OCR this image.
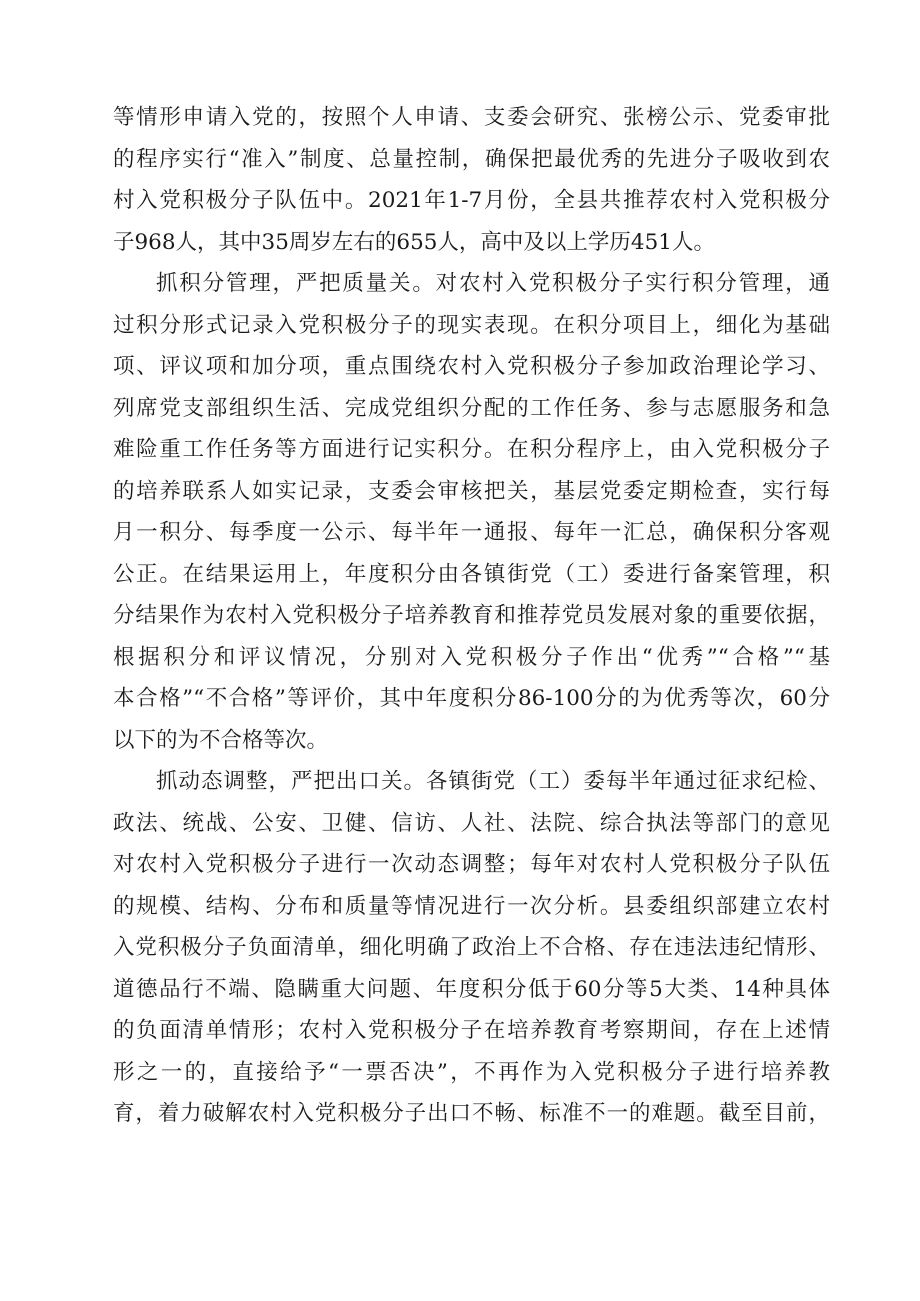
等情形申请入党的，按照个人申请、支委会研究、张榜公示、党委审批
的程序实行“准入”制度、总量控制，确保把最优秀的先进分子吸收到农
村入党积极分子队伍中。2021年1-7月份，全县共推荐农村入党积极分
子968人，其中35周岁左右的655人，高中及以上学历451人。
抓积分管理，严把质量关。对农村入党积极分子实行积分管理，通
过积分形式记录入党积极分子的现实表现。在积分项目上，细化为基础
项、评议项和加分项，重点围绕农村入党积极分子参加政治理论学习、
列席党支部组织生活、完成党组织分配的工作任务、参与志愿服务和急
难险重工作任务等方面进行记实积分。在积分程序上，由入党积极分子
的培养联系人如实记录，支委会审核把关，基层党委定期检查，实行每
月一积分、每季度一公示、每半年一通报、每年一汇总，确保积分客观
公正。在结果运用上，年度积分由各镇街党（工）委进行备案管理，积
分结果作为农村入党积极分子培养教育和推荐党员发展对象的重要依据，
根据积分和评议情况，分别对入党积极分子作出“优秀”“合格”“基
本合格”“不合格”等评价，其中年度积分86-100分的为优秀等次，60分
以下的为不合格等次。
抓动态调整，严把出口关。各镇街党（工）委每半年通过征求纪检、
政法、统战、公安、卫健、信访、人社、法院、综合执法等部门的意见
对农村入党积极分子进行一次动态调整；每年对农村人党积极分子队伍
的规模、结构、分布和质量等情况进行一次分析。县委组织部建立农村
入党积极分子负面清单，细化明确了政治上不合格、存在违法违纪情形、
道德品行不端、隐瞒重大问题、年度积分低于60分等5大类、14种具体
的负面清单情形；农村入党积极分子在培养教育考察期间，存在上述情
形之一的，直接给予“一票否决”，不再作为入党积极分子进行培养教
育，着力破解农村入党积极分子出口不畅、标准不一的难题。截至目前，
